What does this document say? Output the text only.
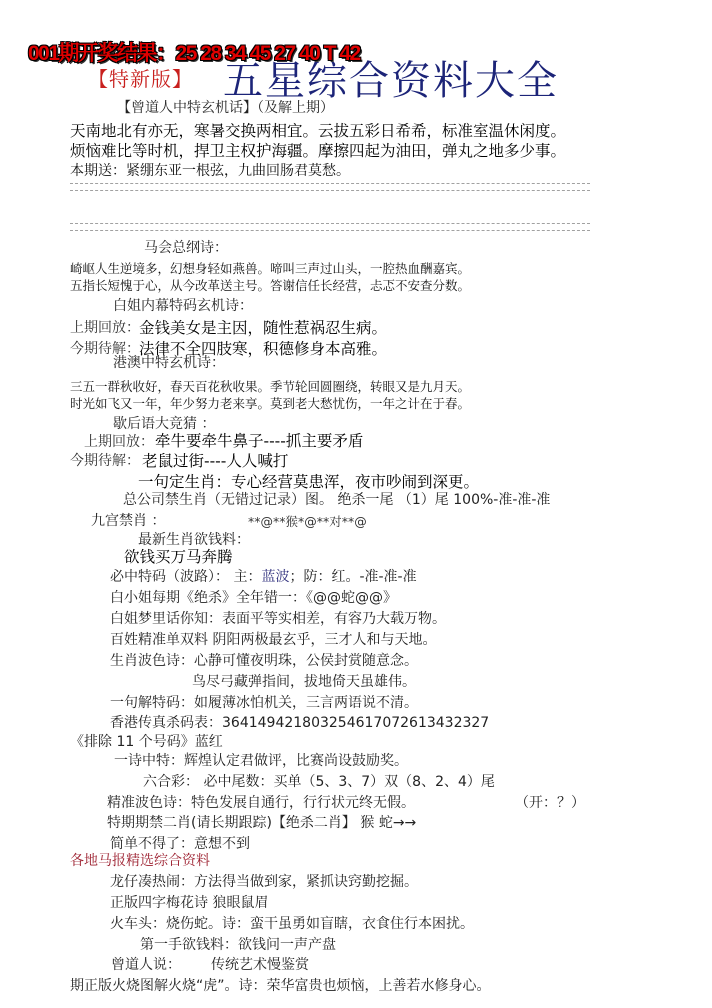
001期开奖结果：25 28 34 45 27 40 T 42
【特新版】 五星综合资料大全
【曾道人中特玄机话】（及解上期）
天南地北有亦无，寒暑交换两相宜。云拔五彩日希希，标准室温休闲度。
烦恼难比等时机，捍卫主权护海疆。摩擦四起为油田，弹丸之地多少事。
本期送：紧绷东亚一根弦，九曲回肠君莫愁。
马会总纲诗：
崎岖人生逆境多，幻想身轻如燕兽。啼叫三声过山头，一腔热血酬嘉宾。
五指长短愧于心，从今改革送主号。答谢信任长经营，忐忑不安查分数。
白姐内幕特码玄机诗：
上期回放： 金钱美女是主因，随性惹祸忍生病。
今期待解： 法律不全四肢寒，积德修身本高雅。
港澳中特玄机诗：
三五一群秋收好，春天百花秋收果。季节轮回圆圈绕，转眼又是九月天。
时光如飞又一年，年少努力老来享。莫到老大愁忧伤，一年之计在于春。
歇后语大竞猜 ：
上期回放： 牵牛要牵牛鼻子----抓主要矛盾
今期待解： 老鼠过街----人人喊打
一句定生肖：专心经营莫患浑，夜市吵闹到深更。
总公司禁生肖（无错过记录）图。 绝杀一尾 （1）尾 100%-准-准-准
九宫禁肖 ：	**@**猴*@**对**@
最新生肖欲钱料：
欲钱买万马奔腾
必中特码（波路）： 主：蓝波；防：红。-准-准-准
白小姐每期《绝杀》全年错一：《@@蛇@@》
白姐梦里话你知：表面平等实相差，有容乃大载万物。
百姓精准单双料 阴阳两极最玄乎，三才人和与天地。
生肖波色诗：心静可懂夜明珠，公侯封赏随意念。
鸟尽弓藏弹指间，拔地倚天虽雄伟。
一句解特码：如履薄冰怕机关，三言两语说不清。
香港传真杀码表：36414942180325461707261343232​7
《排除 11 个号码》蓝红
一诗中特：辉煌认定君做评，比赛尚设鼓励奖。
六合彩： 必中尾数：买单（5、3、7）双（8、2、4）尾
精准波色诗：特色发展自通行，行行状元终无假。	（开：？）
特期期禁二肖(请长期跟踪)【绝杀二肖】 猴 蛇→→
简单不得了：意想不到
各地马报精选综合资料
龙仔凑热闹：方法得当做到家，紧抓诀窍勤挖掘。
正版四字梅花诗 狼眼鼠眉
火车头：烧伤蛇。诗：蛮干虽勇如盲瞎，衣食住行本困扰。
第一手欲钱料：欲钱问一声产盘
曾道人说： 传统艺术慢鉴赏
期正版火烧图解火烧“虎”。诗：荣华富贵也烦恼，上善若水修身心。
